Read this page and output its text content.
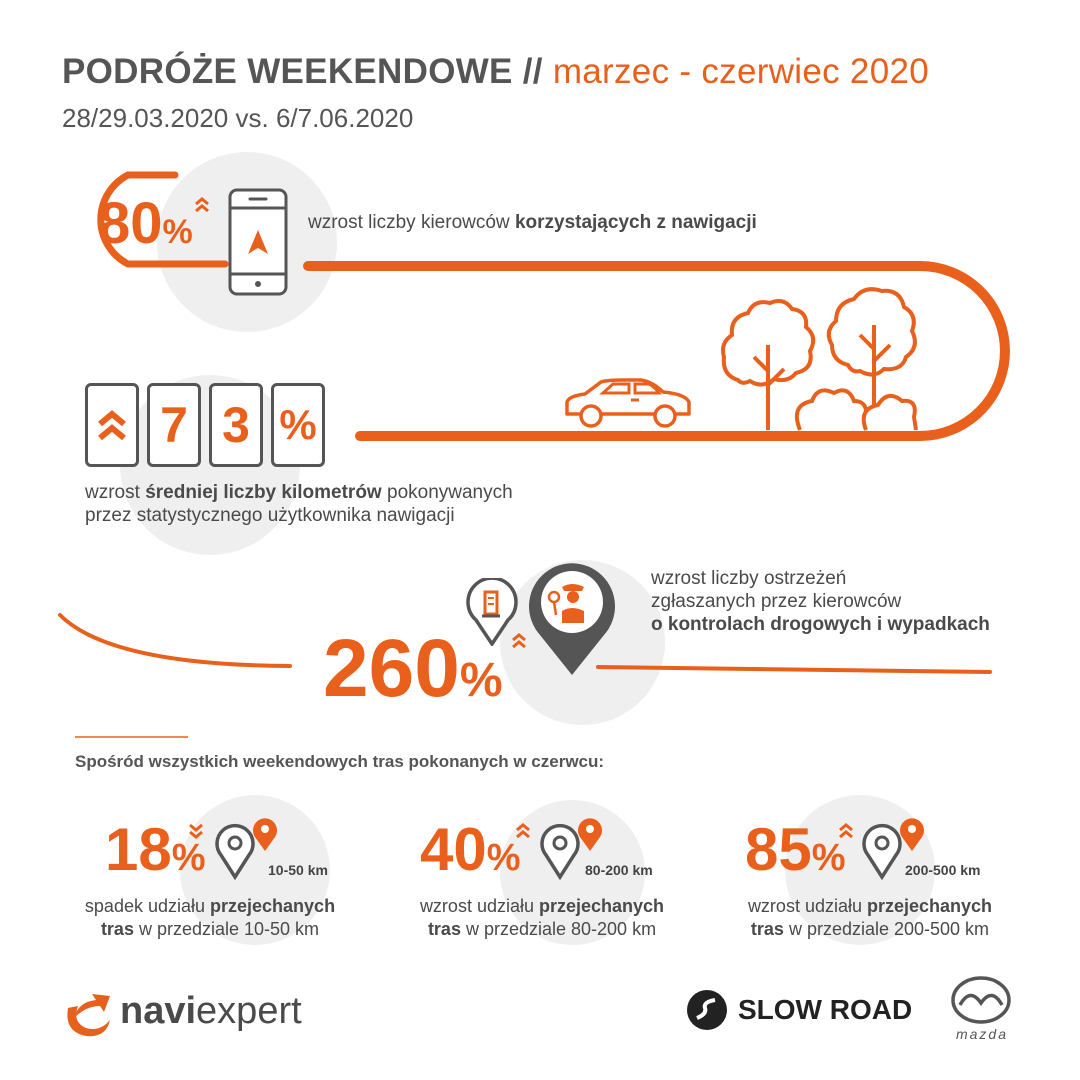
PODRÓŻE WEEKENDOWE // marzec - czerwiec 2020
28/29.03.2020 vs. 6/7.06.2020
80%	wzrost liczby kierowców korzystających z nawigacji
7 3 %
wzrost średniej liczby kilometrów pokonywanych
przez statystycznego użytkownika nawigacji
260%
wzrost liczby ostrzeżeń
zgłaszanych przez kierowców
o kontrolach drogowych i wypadkach
Spośród wszystkich weekendowych tras pokonanych w czerwcu:
18%	10-50 km
spadek udziału przejechanych
tras w przedziale 10-50 km
40%	80-200 km
wzrost udziału przejechanych
tras w przedziale 80-200 km
85%	200-500 km
wzrost udziału przejechanych
tras w przedziale 200-500 km
naviexpert	SLOW ROAD
mazda
